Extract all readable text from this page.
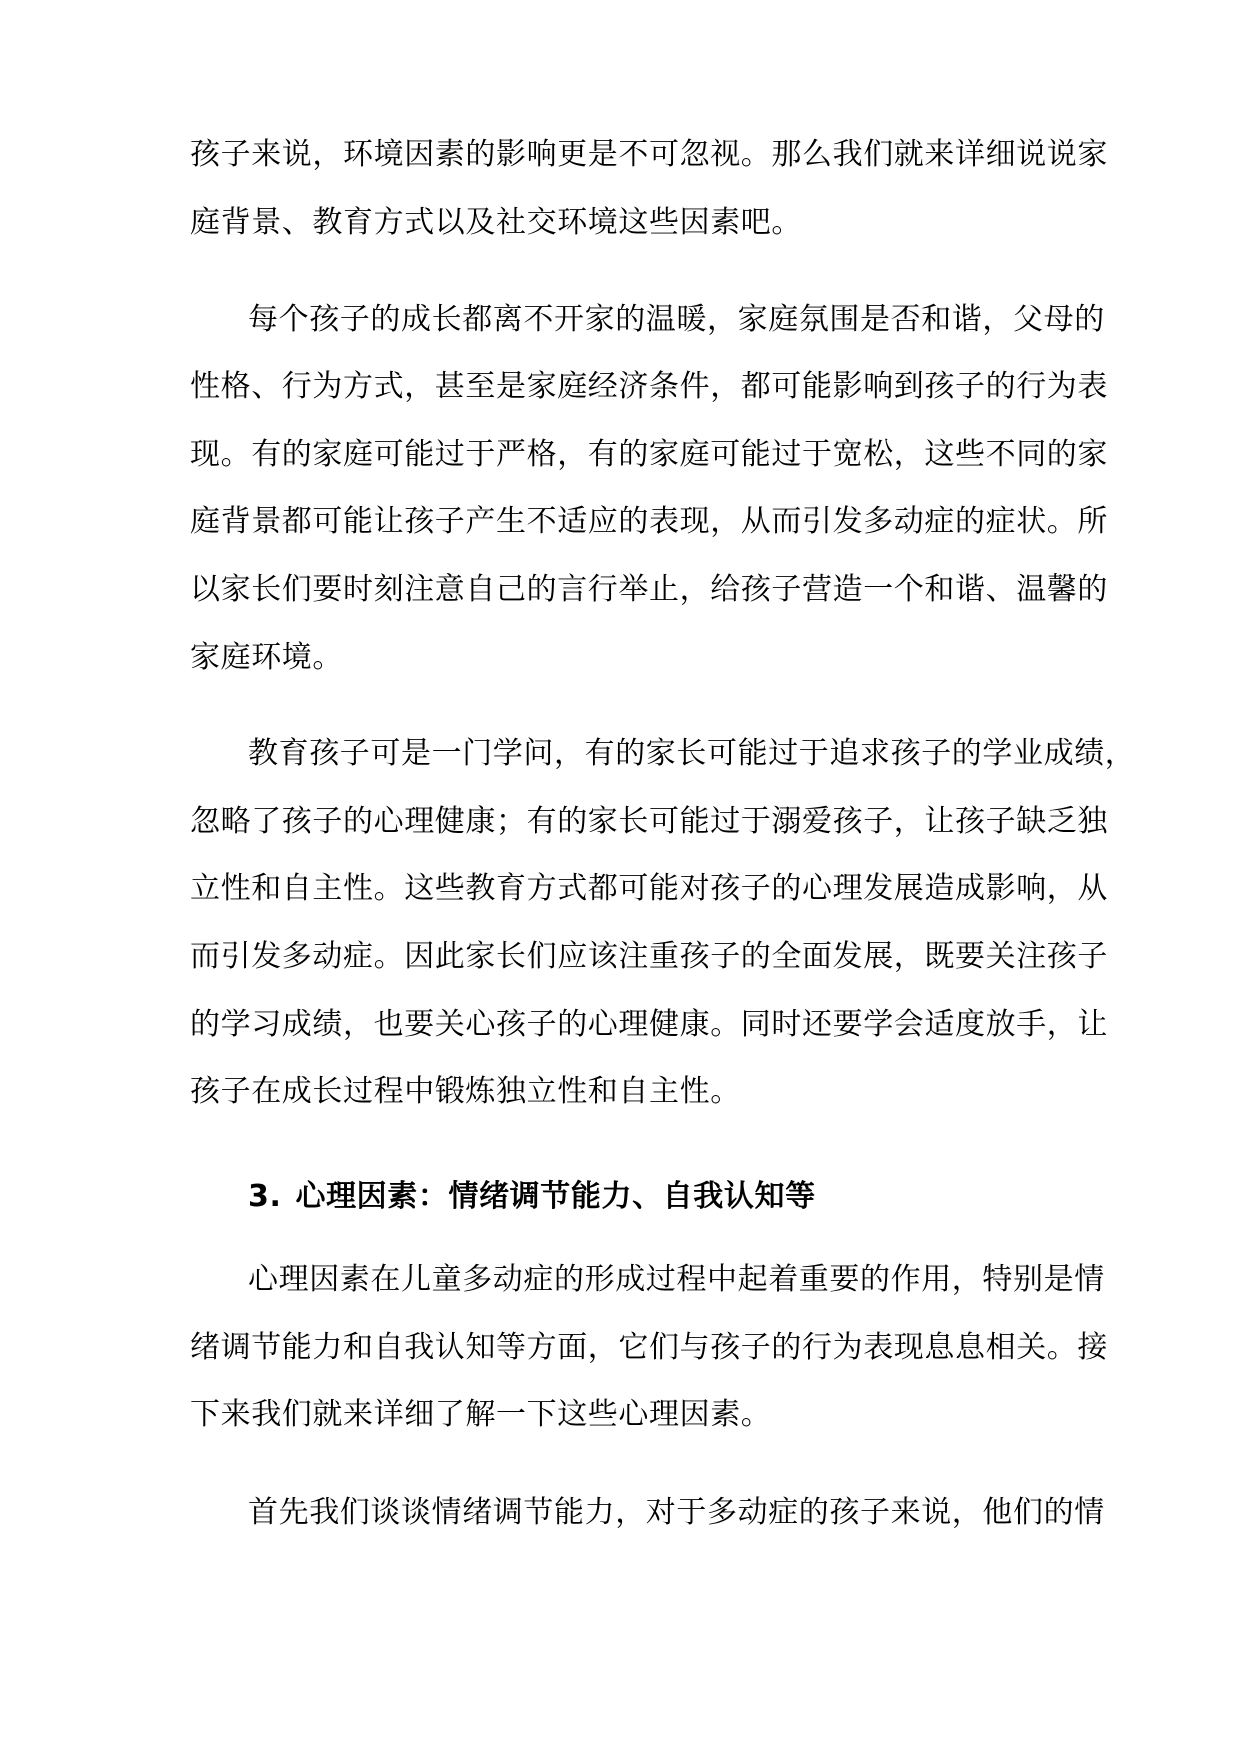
孩子来说，环境因素的影响更是不可忽视。那么我们就来详细说说家
庭背景、教育方式以及社交环境这些因素吧。
每个孩子的成长都离不开家的温暖，家庭氛围是否和谐，父母的
性格、行为方式，甚至是家庭经济条件，都可能影响到孩子的行为表
现。有的家庭可能过于严格，有的家庭可能过于宽松，这些不同的家
庭背景都可能让孩子产生不适应的表现，从而引发多动症的症状。所
以家长们要时刻注意自己的言行举止，给孩子营造一个和谐、温馨的
家庭环境。
教育孩子可是一门学问，有的家长可能过于追求孩子的学业成绩，
忽略了孩子的心理健康；有的家长可能过于溺爱孩子，让孩子缺乏独
立性和自主性。这些教育方式都可能对孩子的心理发展造成影响，从
而引发多动症。因此家长们应该注重孩子的全面发展，既要关注孩子
的学习成绩，也要关心孩子的心理健康。同时还要学会适度放手，让
孩子在成长过程中锻炼独立性和自主性。
3. 心理因素：情绪调节能力、自我认知等
心理因素在儿童多动症的形成过程中起着重要的作用，特别是情
绪调节能力和自我认知等方面，它们与孩子的行为表现息息相关。接
下来我们就来详细了解一下这些心理因素。
首先我们谈谈情绪调节能力，对于多动症的孩子来说，他们的情
